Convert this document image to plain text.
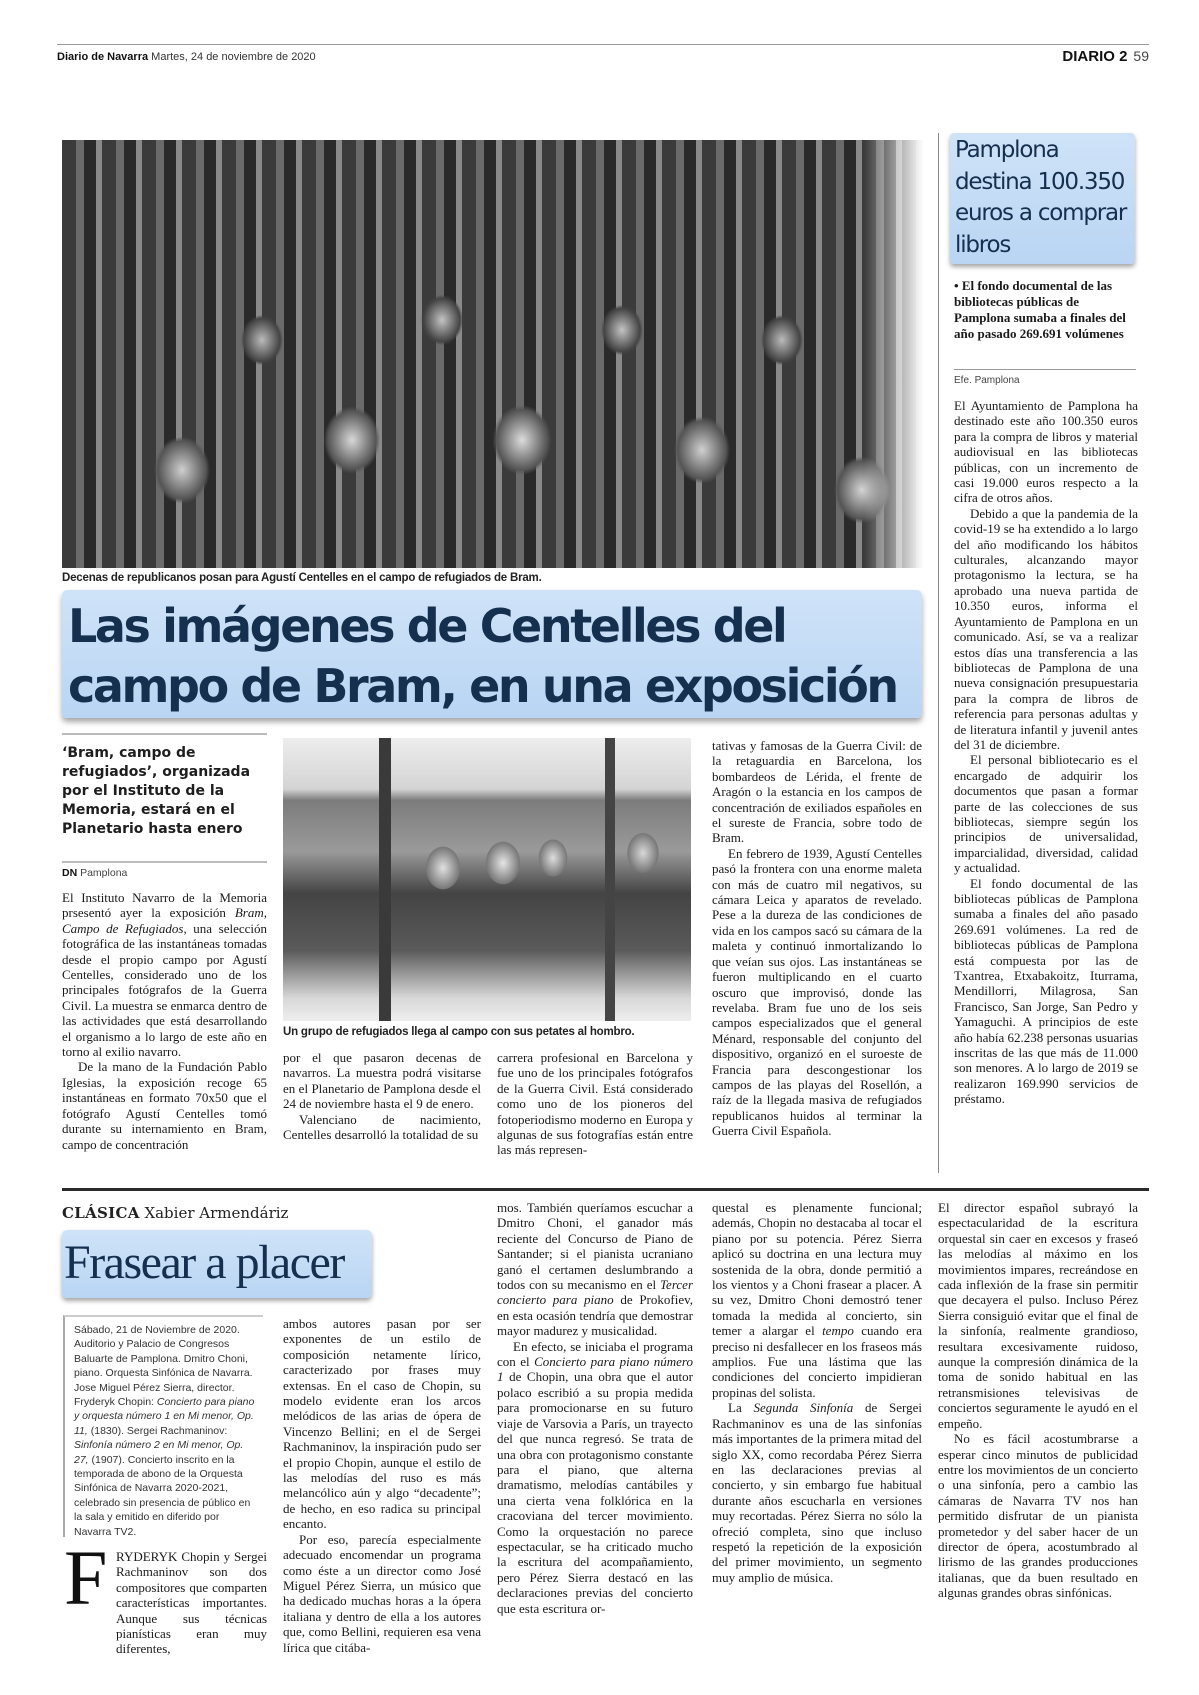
Diario de Navarra Martes, 24 de noviembre de 2020	DIARIO 2 59
Decenas de republicanos posan para Agustí Centelles en el campo de refugiados de Bram.
Las imágenes de Centelles del
campo de Bram, en una exposición
‘Bram, campo de refugiados’, organizada por el Instituto de la Memoria, estará en el Planetario hasta enero
DN Pamplona

El Instituto Navarro de la Memoria prsesentó ayer la exposición Bram, Campo de Refugiados, una selección fotográfica de las instantáneas tomadas desde el propio campo por Agustí Centelles, considerado uno de los principales fotógrafos de la Guerra Civil. La muestra se enmarca dentro de las actividades que está desarrollando el organismo a lo largo de este año en torno al exilio navarro.

De la mano de la Fundación Pablo Iglesias, la exposición recoge 65 instantáneas en formato 70x50 que el fotógrafo Agustí Centelles tomó durante su internamiento en Bram, campo de concentración

Un grupo de refugiados llega al campo con sus petates al hombro.

por el que pasaron decenas de navarros. La muestra podrá visitarse en el Planetario de Pamplona desde el 24 de noviembre hasta el 9 de enero.

Valenciano de nacimiento, Centelles desarrolló la totalidad de su

carrera profesional en Barcelona y fue uno de los principales fotógrafos de la Guerra Civil. Está considerado como uno de los pioneros del fotoperiodismo moderno en Europa y algunas de sus fotografías están entre las más represen-

tativas y famosas de la Guerra Civil: de la retaguardia en Barcelona, los bombardeos de Lérida, el frente de Aragón o la estancia en los campos de concentración de exiliados españoles en el sureste de Francia, sobre todo de Bram.

En febrero de 1939, Agustí Centelles pasó la frontera con una enorme maleta con más de cuatro mil negativos, su cámara Leica y aparatos de revelado. Pese a la dureza de las condiciones de vida en los campos sacó su cámara de la maleta y continuó inmortalizando lo que veían sus ojos. Las instantáneas se fueron multiplicando en el cuarto oscuro que improvisó, donde las revelaba. Bram fue uno de los seis campos especializados que el general Ménard, responsable del conjunto del dispositivo, organizó en el suroeste de Francia para descongestionar los campos de las playas del Rosellón, a raíz de la llegada masiva de refugiados republicanos huidos al terminar la Guerra Civil Española.

Pamplona destina 100.350 euros a comprar libros
• El fondo documental de las bibliotecas públicas de Pamplona sumaba a finales del año pasado 269.691 volúmenes
Efe. Pamplona

El Ayuntamiento de Pamplona ha destinado este año 100.350 euros para la compra de libros y material audiovisual en las bibliotecas públicas, con un incremento de casi 19.000 euros respecto a la cifra de otros años.

Debido a que la pandemia de la covid-19 se ha extendido a lo largo del año modificando los hábitos culturales, alcanzando mayor protagonismo la lectura, se ha aprobado una nueva partida de 10.350 euros, informa el Ayuntamiento de Pamplona en un comunicado. Así, se va a realizar estos días una transferencia a las bibliotecas de Pamplona de una nueva consignación presupuestaria para la compra de libros de referencia para personas adultas y de literatura infantil y juvenil antes del 31 de diciembre.

El personal bibliotecario es el encargado de adquirir los documentos que pasan a formar parte de las colecciones de sus bibliotecas, siempre según los principios de universalidad, imparcialidad, diversidad, calidad y actualidad.

El fondo documental de las bibliotecas públicas de Pamplona sumaba a finales del año pasado 269.691 volúmenes. La red de bibliotecas públicas de Pamplona está compuesta por las de Txantrea, Etxabakoitz, Iturrama, Mendillorri, Milagrosa, San Francisco, San Jorge, San Pedro y Yamaguchi. A principios de este año había 62.238 personas usuarias inscritas de las que más de 11.000 son menores. A lo largo de 2019 se realizaron 169.990 servicios de préstamo.

CLÁSICA Xabier Armendáriz
Frasear a placer
Sábado, 21 de Noviembre de 2020. Auditorio y Palacio de Congresos Baluarte de Pamplona. Dmitro Choni, piano. Orquesta Sinfónica de Navarra. Jose Miguel Pérez Sierra, director. Fryderyk Chopin: Concierto para piano y orquesta número 1 en Mi menor, Op. 11, (1830). Sergei Rachmaninov: Sinfonía número 2 en Mi menor, Op. 27, (1907). Concierto inscrito en la temporada de abono de la Orquesta Sinfónica de Navarra 2020-2021, celebrado sin presencia de público en la sala y emitido en diferido por Navarra TV2.
F RYDERYK Chopin y Sergei Rachmaninov son dos compositores que comparten características importantes. Aunque sus técnicas pianísticas eran muy diferentes,

ambos autores pasan por ser exponentes de un estilo de composición netamente lírico, caracterizado por frases muy extensas. En el caso de Chopin, su modelo evidente eran los arcos melódicos de las arias de ópera de Vincenzo Bellini; en el de Sergei Rachmaninov, la inspiración pudo ser el propio Chopin, aunque el estilo de las melodías del ruso es más melancólico aún y algo “decadente”; de hecho, en eso radica su principal encanto.

Por eso, parecía especialmente adecuado encomendar un programa como éste a un director como José Miguel Pérez Sierra, un músico que ha dedicado muchas horas a la ópera italiana y dentro de ella a los autores que, como Bellini, requieren esa vena lírica que citába-

mos. También queríamos escuchar a Dmitro Choni, el ganador más reciente del Concurso de Piano de Santander; si el pianista ucraniano ganó el certamen deslumbrando a todos con su mecanismo en el Tercer concierto para piano de Prokofiev, en esta ocasión tendría que demostrar mayor madurez y musicalidad.

En efecto, se iniciaba el programa con el Concierto para piano número 1 de Chopin, una obra que el autor polaco escribió a su propia medida para promocionarse en su futuro viaje de Varsovia a París, un trayecto del que nunca regresó. Se trata de una obra con protagonismo constante para el piano, que alterna dramatismo, melodías cantábiles y una cierta vena folklórica en la cracoviana del tercer movimiento. Como la orquestación no parece espectacular, se ha criticado mucho la escritura del acompañamiento, pero Pérez Sierra destacó en las declaraciones previas del concierto que esta escritura or-

questal es plenamente funcional; además, Chopin no destacaba al tocar el piano por su potencia. Pérez Sierra aplicó su doctrina en una lectura muy sostenida de la obra, donde permitió a los vientos y a Choni frasear a placer. A su vez, Dmitro Choni demostró tener tomada la medida al concierto, sin temer a alargar el tempo cuando era preciso ni desfallecer en los fraseos más amplios. Fue una lástima que las condiciones del concierto impidieran propinas del solista.

La Segunda Sinfonía de Sergei Rachmaninov es una de las sinfonías más importantes de la primera mitad del siglo XX, como recordaba Pérez Sierra en las declaraciones previas al concierto, y sin embargo fue habitual durante años escucharla en versiones muy recortadas. Pérez Sierra no sólo la ofreció completa, sino que incluso respetó la repetición de la exposición del primer movimiento, un segmento muy amplio de música.

El director español subrayó la espectacularidad de la escritura orquestal sin caer en excesos y fraseó las melodías al máximo en los movimientos impares, recreándose en cada inflexión de la frase sin permitir que decayera el pulso. Incluso Pérez Sierra consiguió evitar que el final de la sinfonía, realmente grandioso, resultara excesivamente ruidoso, aunque la compresión dinámica de la toma de sonido habitual en las retransmisiones televisivas de conciertos seguramente le ayudó en el empeño.

No es fácil acostumbrarse a esperar cinco minutos de publicidad entre los movimientos de un concierto o una sinfonía, pero a cambio las cámaras de Navarra TV nos han permitido disfrutar de un pianista prometedor y del saber hacer de un director de ópera, acostumbrado al lirismo de las grandes producciones italianas, que da buen resultado en algunas grandes obras sinfónicas.
